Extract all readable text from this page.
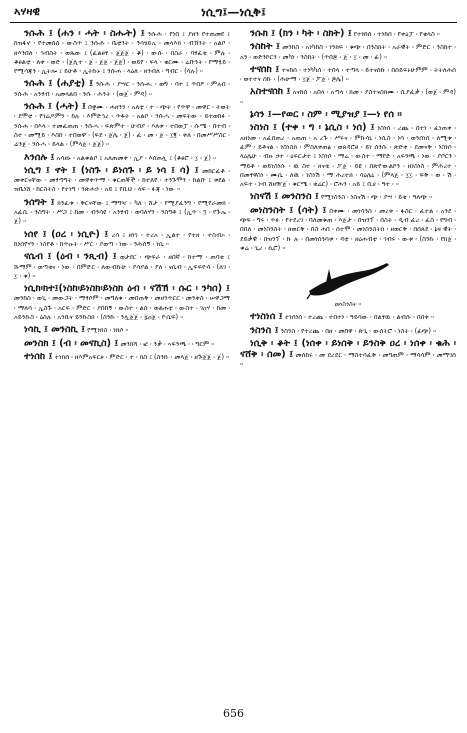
ኣሃዛዊ	ነሲግ፤—ነሲቅ፤

ንሱሕ ፤ (ሐን ፡ ሓት ፡ ስሑት) ፤ ንሱሕ ፡ የነበ ፤ ያዘን የተጠመደ ፤ ከዝፋኖ ፡ የተመሰሰ ፡ ውስጥ ፤ ንሱሕ ፡ ቤቲንት ፡ ንሳሄይኡ ፡ መላእክ ፡ ብኽንት ፡ አልቦ ፡ ዘእንበለ ፡ ኅብስት ፡ ወጼው ፤ (ፈልፀፃ ፡ ጀጀጀ ፡ ቆ) ፡ ውሱ ፡ በስራ ፡ ባፃፈቂ ፡ ምሉ ፡ ቆፀልቲ ፡ ለቀ ፡ ወድ ፡ (ጀሊተ ፡ ጀ ፡ ጀጀ ፡ ጀጀ) ፡ ወይየ ፡ ፍላ ፡ ቄርሙ ፡ ሬቡንት ፡ የማፂይ ፡ የሚሳጃን ፡ ኢትሎ ፤ ይሁቶ ፡ ኢትኩኑ ፤ ንሱሐ ፡ ላዕለ ፡ ዘንብለ ፡ ግብር ፡ (ሳሉ) ።

ንሱሕ ፤ (ሐያቲ) ፤ ንሱሕ ፡ ያሣር ፡ ንሱሑ ፡ ወግ ፡ ባተ ፤ ጥበዖ ፡ ምሉበ ፡ ንሱሕ ፡ አንፃብ ፡ አመላልበ ፡ ንሱ ፡ ሕንት ፡ (ወጀ ፡ ምዳ) ።

ንሱሕ ፤ (ሓት) ፤ በቋሙ ፡ ሐዘንን ፡ አለቲ ፡ ተ ፡ ጭት ፡ የጥዋ ፡ መዋር ፡ ትወት ፡ ደሞቲ ፡ የገሬዶምን ፡ ከሉ ፡ እምድኅረ ፡ ጥፋት ፡ አልቦ ፡ ንሱሓ ፡ መፍትው ፡ ይተወከፉ ፡ ንሱሐ ፡ በእላ ፡ ተመፈጠጠ ፡ ንሱሓ ፡ ፍጽምተ ፡ ሁብያ ፡ እለቱ ፡ ተበወፓ ፡ ሱሜ ፡ በተብ ፡ ስተ ፡ መሚይ ፡ እስከ ፡ ተበወዋ ፡ (ፍደ ፡ ጀሌ ፡ ጀ) ፡ ፈ ፡ መ ፡ ጀ ፡ ፲፪ ፡ ቀለ ፡ በመሥሥስር ፡ ሬንጀ ፡ ንሱሓ ፡ ይላል ፡ (ምላጀ ፡ ጀጀ) ።

እንሰሉ ፤ አሳዘኑ ፡ አልቁልቦ ፤ አለጠመቀ ፡ ኢያ ፡ እሰጠሏ ፤ (ቆፀሮ ፡ ፲ ፡ ጀ) ።

ነሲግ ፤ ኖት ፤ (ነስጉ ፡ ይነሰጉ ፡ ይ ነሳ ፤ ሳ) ፤ መከርፈቶ ፡ መቀርናቸው ፡ መፃጣግት ፡ መዋቀጥማ ፡ ቁርጠኞች ፡ ከተለየ ፡ ተንጉሞን ፡ ከልቡ ፤ ቱደል ፡ ዝቤነሸ ፡ ከርስትስ ፡ የተነግ ፡ ንጽሐኃ ፡ አይ ፤ የቢህ ፡ ላፍ ፡ ፉጃ ፡ ነው ።

ንሰግት ፤ ክንፈቱ ፡ ቅርናቸው ፤ ማግዣ ፡ ካለ ፡ ሸታ ፡ የሚያፈንግ ፡ የሚየራመክ ፡ አፈሲ ፡ ንስግት ፡ ሥጋ ፤ ከመ ፡ ብንሳዩ ፡ አንፃብ ፡ ወባለሃን ፡ ንስግቶ ፤ (ኢጥ ፡ ፺ ፡ የጕኤ ፡ ጀ) ።

ነሰየ ፤ (ዐረ ፡ ነሲዮ) ፤ ረሳ ፤ ዘነገ ፡ ተረአ ፡ ኢልተ ፡ የተዘ ፡ ተስብኦ ፡ ከነሰየሃን ፡ ነስየቶ ፡ ከጥዑት ፡ ሥር ፡ ያወጣ ፡ ነው ፡ ንሕሰኝ ፡ ነሴ ።

ናሴብ ፤ (ዕብ ፡ ንጺብ) ፤ ወታደር ፡ ጭፍራ ፡ ዘበኛ ፡ ከተማ ፡ ጠባቂ ፤ ሹማም ፡ ወጣቂና ፡ ነው ፡ በምድር ፡ ለውብኩሁ ፡ ያሳያል ፡ ያለ ፡ ናሴብ ፡ ኢፍፍዮሳ ፡ (ለገ ፡ ፲ ፡ ቁ) ።

ነሲክ፡ክተ፤(ነስከ፡ይነስክ፡ይነስክ ዕብ ፡ ናሽኽ ፡ ሱር ፡ ንካሰ) ፤ መንከስ ፡ ወጊ ፡ መውጋት ፡ ማፃሶም ፡ መግለቁ ፡ መበጠቅ ፡ መዘንጥርር ፡ መንቀስ ፡ ሠዋጋማ ፡ ማለሳ ፡ ኢስጉ ፡ አርፍ ፡ ምድር ፡ ያበከኝ ፡ ውስተ ፡ ልሰ ፡ ወልሐቲ ፡ ውስተ ፡ ገዐሃ ፡ ከመ ፡ አይንኩስ ፡ ዕስሉ ፡ አንቢና ይንኩስክ ፡ (ስንኩ ፡ ንሏጀጀ ፡ ፯ዐጀ ፡ ዮሴፍ) ።

ነሳኪ ፤ መንስኪ ፤ የሚነክስ ፡ ነክሶ ።

መንስክ ፤ (ብ ፡ መናኪስ) ፤ መንክሻ ፡ ፎ ፡ ንቃ ፡ ኣፍንጫ ፡ ፡ ግርም ።

ተነሰከ ፤ ተነክሰ ፡ ዘእምአፍርፀ ፡ ምድር ፡ ተ ፡ ክስ ፤ (ስንኩ ፡ መላጀ ፡ ዘጕጀጀ ፡ ጀ) ።

ንሱክ ፤ (ክን ፡ ካት ፡ ስክት) ፤ የተነከሰ ፡ ተነከሰ ፡ የቀዕፓ ፡ የቄላስ ።

ንስከት ፤ መንከስ ፡ አነካከስ ፡ ነንክፍ ፡ ቁጭ ፡ በንስክት ፡ አራዊት ፡ ምድር ፡ ንስከተ ፡ አን ፡ ወድንኮርን ፡ መካነ ፡ ንስከት ፡ (ጥበ፷ ፡ ጀ ፡ ፲ ፡ መ ፡ ፊ) ።

ተናሰከ ፤ ተናከሰ ፡ ተነካካሰ ፡ ተበላ ፡ ተጣላ ፡ ይተናሰኩ ፡ በሰይፍኑሁምም ፡ ትትለሕሰ ፡ ወተተና ሰኩ ፡ (ሕሁማ ፡ ፲ጀ ፡ ፖጀ ፡ ፷ሌ) ።

አስተናሰከ ፤ አናከሰ ፡ አበላ ፡ አጣላ ፡ ክመ ፡ ያስተናስክሙ ፡ ሲያፈቃ ፡ (ወጀ ፡ ምዳ) ።

ኔሳን ፤—የወር ፡ ስም ፡ ሚያዝያ ፤—ነ የሰ ።

ነስነስ ፤ (ተቀ ፡ ግ ፡ ኔሲስ ፡ ነሰ) ፤ ነስነሰ ፡ ረጨ ፡ በተነ ፡ ፈነጠቀ ፡ አዘነመ ፡ አፈበጠረ ፡ አጠጠ ፡ አ ረጉ ፡ ሥሩና ፡ ምኩሳኒ ፡ ነሲስ ፡ ነሳ ፡ ወንሰነሰ ፡ ለሚቱ ፡ ፈም ፡ ይቶናል ፡ ነስነስክ ፡ ምስለቀጠፅ ፡ ወጸዳሮፀ ፡ ይነ ሰንሱ ፡ ጽድቀ ፡ ደመናቅ ፡ ነስነሶ ፡ ላዕሌሁ ፡ ብዙ ኃተ ፡ ዕፍርታተ ፤ ነስነሶ ፡ ማሬ ፡ ውስተ ፡ ማየድ ፡ አፍንጫ ፡ ነው ፡ ያቦርን ፡ ማይቶ ፡ ወይነስነሱ ፡ ዉ ስተ ፡ ዘናቴ ፡ ፖጀ ፡ ይዩ ፡ በጽዮውልኮን ፡ ዘነስነስ ፡ ምሕረተ ፡ በመፃዋስነ ፡ ሙሴ ፡ ለዉ ፡ ነስነሽ ፡ ማ ሕረተክ ፡ ሳዕሌኒ ፡ (ምላጀ ፡ ፲፲ ፡ ፍቅ ፡ ወ ፡ ሽ ፡ አፍተ ፡ ነብ ሸዘዥጀ ፡ ቁርሜ ፡ ቂሬር) ፡ ሮሕን ፡ አይ ፤ ቢሀ ፡ ዓተ ፡ ።

ነስናሽ ፤ መንስንስ ፤ የሚነስንስ ፡ ነስናሽ ፡ ጭ ፡ ያሣ ፡ ይቂ ፡ ዓለጭ ።

መነስንስት ፤ (ሳት) ፤ በቀሙ ፡ መነሳንስ ፡ መረቀ ፡ ፋስር ፡ ፈተል ፡ አንደ ፡ ጭፍ ፡ ግሩ ፡ ጥፉ ፡ የተደረገ ፡ ባለመቁጠ ፡ እጀታ ፡ በዝንፕ ፡ በስት ፡ ዲብ ፈረ ፡ ፈስ ፡ የግብ ፡ በበለ ፡ መነስንስት ፡ ዘወርቅ ፡ በስ ሐበ ፡ ሰተሞ ፡ መነስንስትክ ፡ ዘወርቅ ፡ በሰጸደ ፡ ኔዛ ዊት ፡ ደይቃዊ ፡ በዝንፕ ፡ ኩ ሉ ፡ በመነሰንሳቱ ፡ ዳቲ ፡ ዘዕሐብቲ ፡ ገብሩ ፡ ውቱ ፡ (ስንኩ ፡ የክጀ ፡ ቁሬ ፡ ጊረ ፡ ኪሮ) ።

መነስንስት ።

ተነስነሰ ፤ ተነሰነሰ ፡ ተረጨ ፡ ተበተነ ፡ ዓይሳው ፡ በልፃዉ ፡ ልብሱ ፡ በበቀ ።

ንስንስ ፤ ንስንስ ፡ የተረጨ ፡ በዘ ፡ መበዋ ፡ ጽጊ ፡ ውሰትሮ ፡ ነስት ፡ (ፊጭ) ።

ነሲቅ ፡ ቆት ፤ (ነሰቀ ፡ ይነሰቅ ፡ ይንስቅ ዐረ ፡ ነሰቀ ፡ ቁሕ ፡ ናሸቅ ፡ ሰመ) ፤ መሰከሩ ፡ መ ደረደር ፡ ማስተሳፈቅ ፡ መግጠም ፡ ማሳሳም ፡ መማገሰ ።

656
